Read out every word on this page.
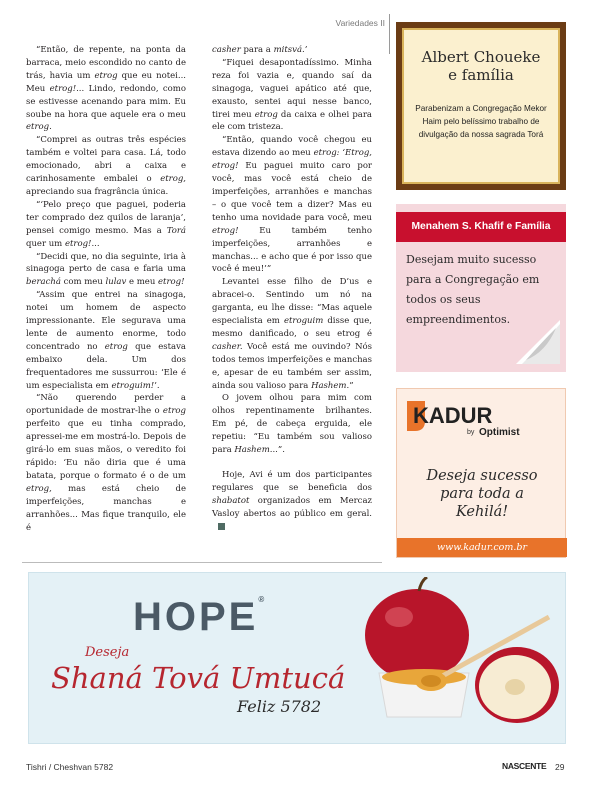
Variedades II

“Então, de repente, na ponta da barraca, meio escondido no canto de trás, havia um etrog que eu notei... Meu etrog!... Lindo, redondo, como se estivesse acenando para mim. Eu soube na hora que aquele era o meu etrog.

“Comprei as outras três espécies também e voltei para casa. Lá, todo emocionado, abri a caixa e carinhosamente embalei o etrog, apreciando sua fragrância única.

“‘Pelo preço que paguei, poderia ter comprado dez quilos de laranja’, pensei comigo mesmo. Mas a Torá quer um etrog!...

“Decidi que, no dia seguinte, iria à sinagoga perto de casa e faria uma berachá com meu lulav e meu etrog!

“Assim que entrei na sinagoga, notei um homem de aspecto impressionante. Ele segurava uma lente de aumento enorme, todo concentrado no etrog que estava embaixo dela. Um dos frequentadores me sussurrou: ‘Ele é um especialista em etroguim!’.

“Não querendo perder a oportunidade de mostrar-lhe o etrog perfeito que eu tinha comprado, apressei-me em mostrá-lo. Depois de girá-lo em suas mãos, o veredito foi rápido: ‘Eu não diria que é uma batata, porque o formato é o de um etrog, mas está cheio de imperfeições, manchas e arranhões... Mas fique tranquilo, ele é

casher para a mitsvá.’

“Fiquei desapontadíssimo. Minha reza foi vazia e, quando saí da sinagoga, vaguei apático até que, exausto, sentei aqui nesse banco, tirei meu etrog da caixa e olhei para ele com tristeza.

“Então, quando você chegou eu estava dizendo ao meu etrog: ‘Etrog, etrog! Eu paguei muito caro por você, mas você está cheio de imperfeições, arranhões e manchas – o que você tem a dizer? Mas eu tenho uma novidade para você, meu etrog! Eu também tenho imperfeições, arranhões e manchas... e acho que é por isso que você é meu!’”

Levantei esse filho de D’us e abracei-o. Sentindo um nó na garganta, eu lhe disse: “Mas aquele especialista em etroguim disse que, mesmo danificado, o seu etrog é casher. Você está me ouvindo? Nós todos temos imperfeições e manchas e, apesar de eu também ser assim, ainda sou valioso para Hashem.”

O jovem olhou para mim com olhos repentinamente brilhantes. Em pé, de cabeça erguida, ele repetiu: “Eu também sou valioso para Hashem...”.

Hoje, Avi é um dos participantes regulares que se beneficia dos shabatot organizados em Mercaz Vasloy abertos ao público em geral.

Albert Choueke
e família
Parabenizam a Congregação Mekor Haim pelo belíssimo trabalho de divulgação da nossa sagrada Torá
Menahem S. Khafif e Família
Desejam muito sucesso para a Congregação em todos os seus empreendimentos.
KADUR
by Optimist
Deseja sucesso
para toda a
Kehilá!
www.kadur.com.br
HOPE®
Deseja
Shaná Tová Umtucá
Feliz 5782
Tishri / Cheshvan 5782	NASCENTE 29
